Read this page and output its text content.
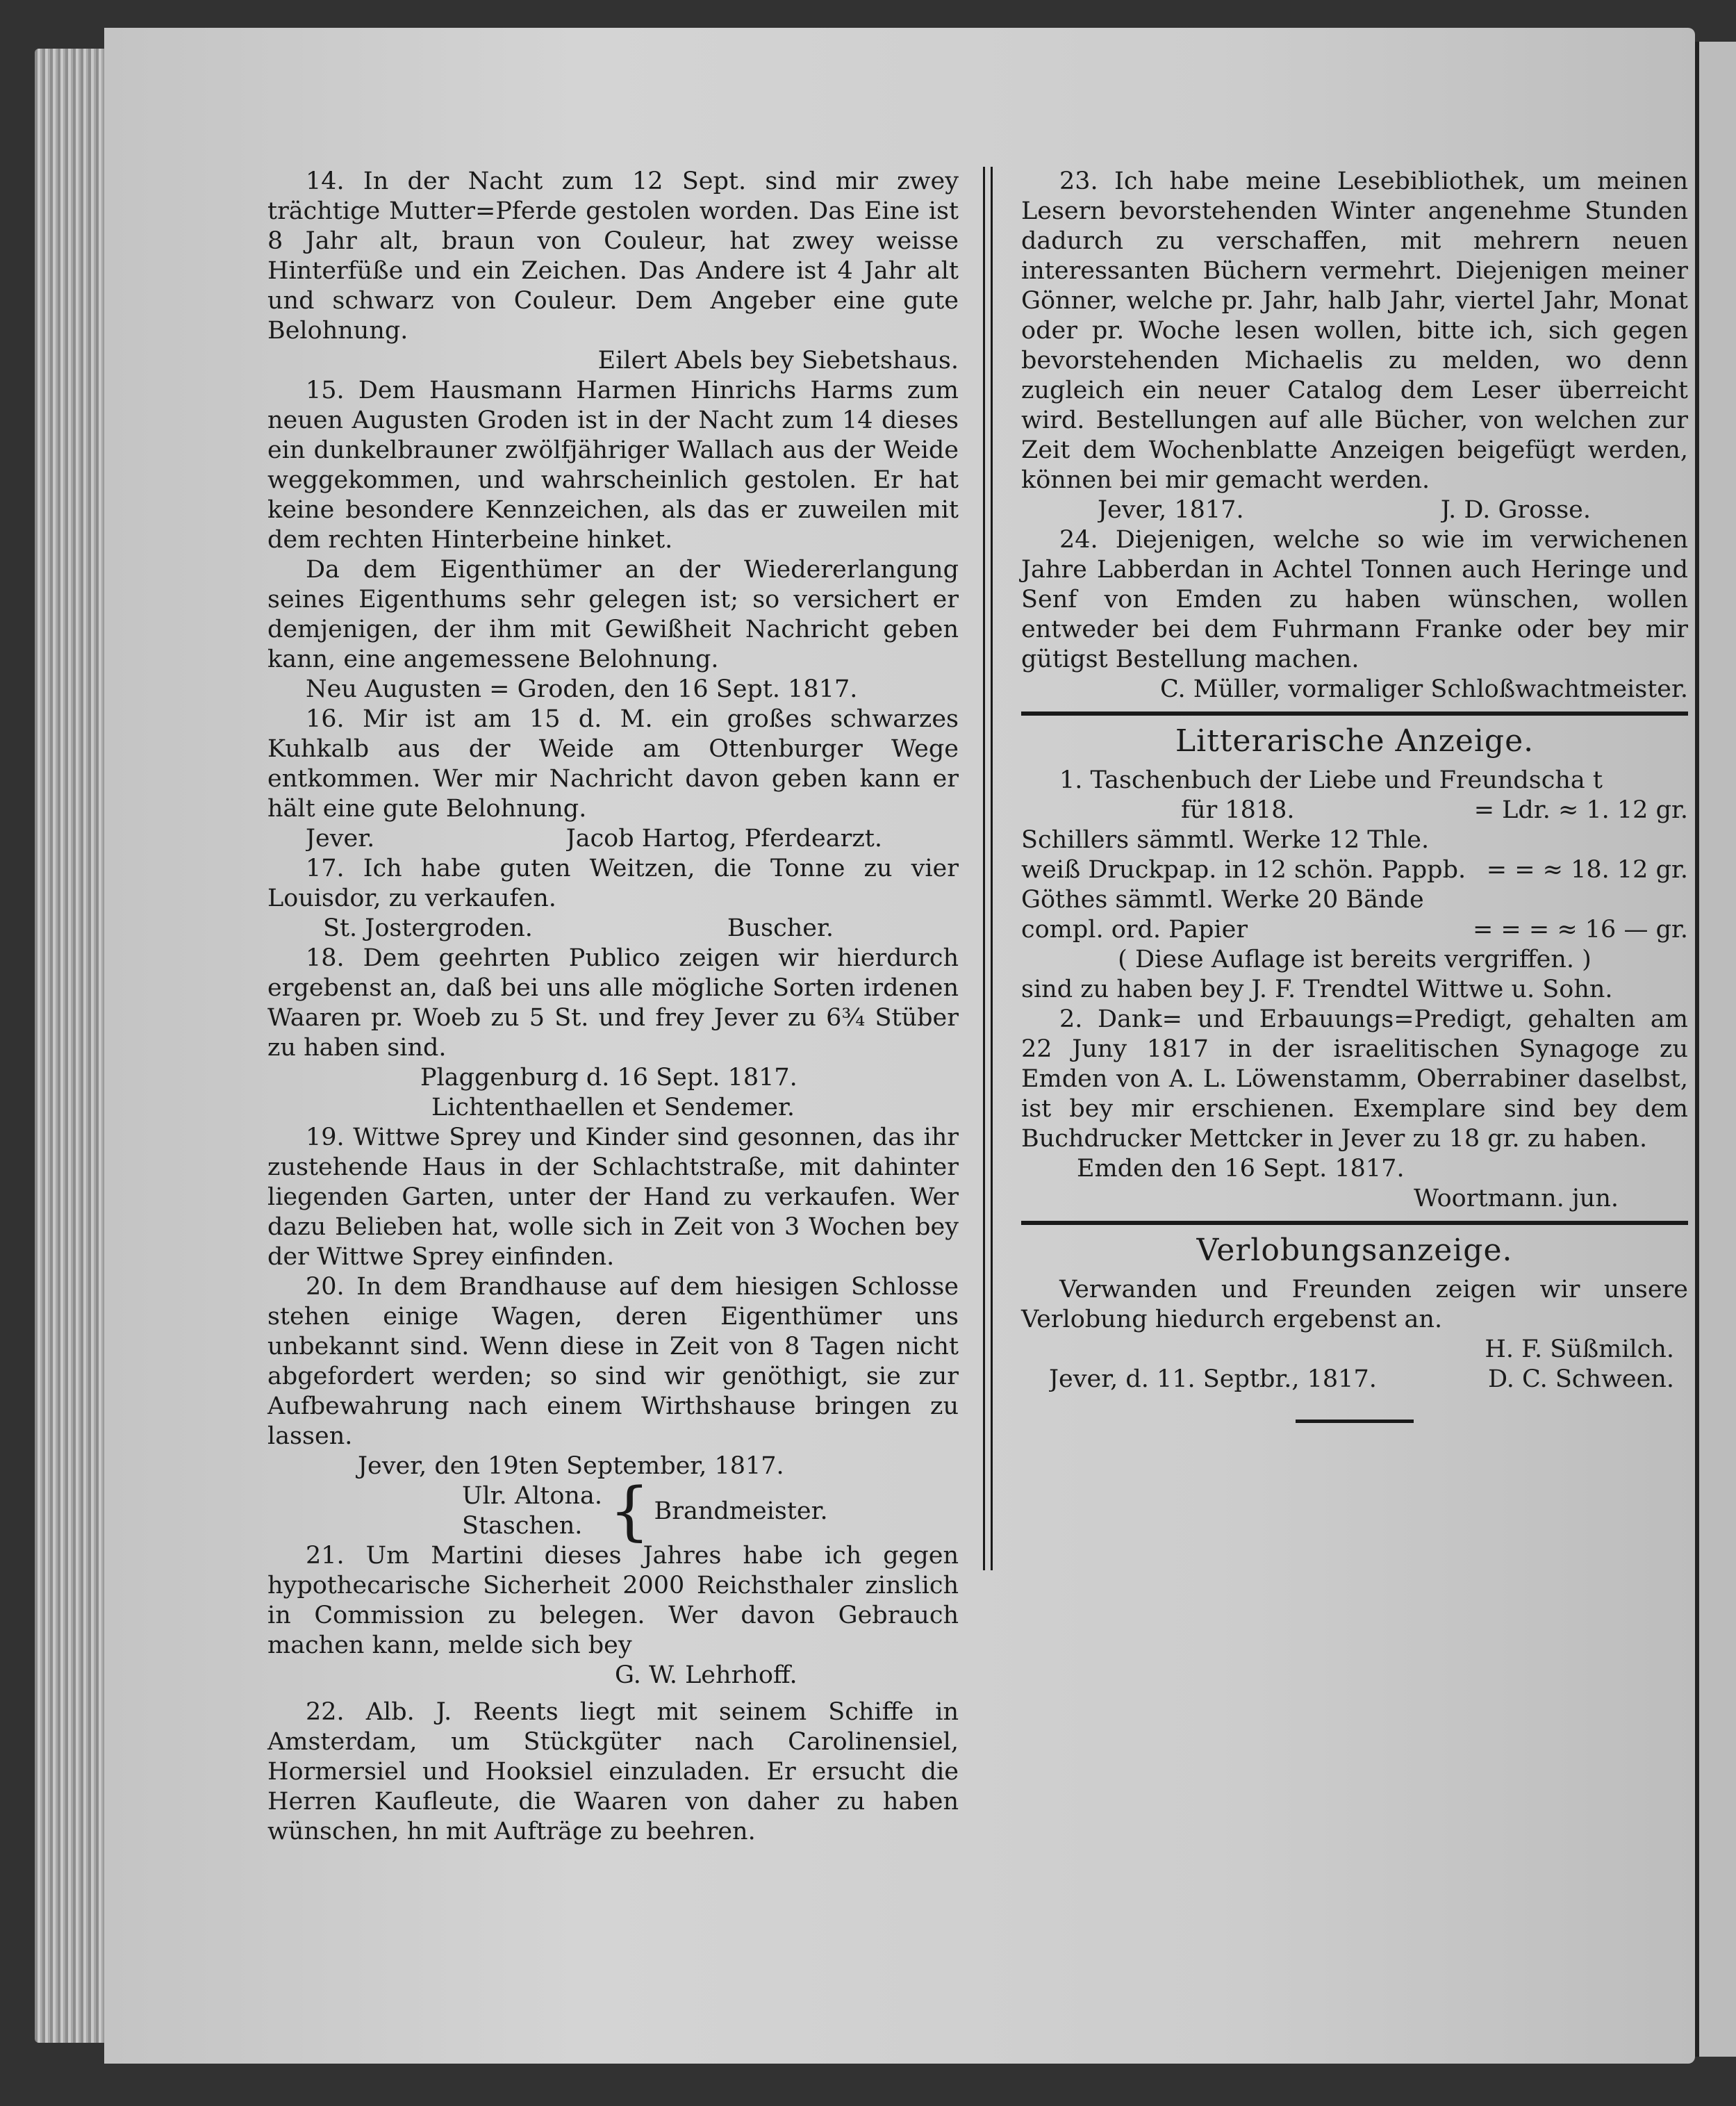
14. In der Nacht zum 12 Sept. sind mir zwey trächtige Mutter=Pferde gestolen worden. Das Eine ist 8 Jahr alt, braun von Couleur, hat zwey weisse Hinterfüße und ein Zeichen. Das Andere ist 4 Jahr alt und schwarz von Couleur. Dem Angeber eine gute Belohnung.

Eilert Abels bey Siebetshaus.

15. Dem Hausmann Harmen Hinrichs Harms zum neuen Augusten Groden ist in der Nacht zum 14 dieses ein dunkelbrauner zwölfjähriger Wallach aus der Weide weggekommen, und wahrscheinlich gestolen. Er hat keine besondere Kennzeichen, als das er zuweilen mit dem rechten Hinterbeine hinket.

Da dem Eigenthümer an der Wiedererlangung seines Eigenthums sehr gelegen ist; so versichert er demjenigen, der ihm mit Gewißheit Nachricht geben kann, eine angemessene Belohnung.

Neu Augusten = Groden, den 16 Sept. 1817.

16. Mir ist am 15 d. M. ein großes schwarzes Kuhkalb aus der Weide am Ottenburger Wege entkommen. Wer mir Nachricht davon geben kann er hält eine gute Belohnung.

Jever.	Jacob Hartog, Pferdearzt.

17. Ich habe guten Weitzen, die Tonne zu vier Louisdor, zu verkaufen.

St. Jostergroden.	Buscher.

18. Dem geehrten Publico zeigen wir hierdurch ergebenst an, daß bei uns alle mögliche Sorten irdenen Waaren pr. Woeb zu 5 St. und frey Jever zu 6¾ Stüber zu haben sind.

Plaggenburg d. 16 Sept. 1817.

Lichtenthaellen et Sendemer.

19. Wittwe Sprey und Kinder sind gesonnen, das ihr zustehende Haus in der Schlachtstraße, mit dahinter liegenden Garten, unter der Hand zu verkaufen. Wer dazu Belieben hat, wolle sich in Zeit von 3 Wochen bey der Wittwe Sprey einfinden.

20. In dem Brandhause auf dem hiesigen Schlosse stehen einige Wagen, deren Eigenthümer uns unbekannt sind. Wenn diese in Zeit von 8 Tagen nicht abgefordert werden; so sind wir genöthigt, sie zur Aufbewahrung nach einem Wirthshause bringen zu lassen.

Jever, den 19ten September, 1817.

Ulr. Altona.
Staschen. { Brandmeister.

21. Um Martini dieses Jahres habe ich gegen hypothecarische Sicherheit 2000 Reichsthaler zinslich in Commission zu belegen. Wer davon Gebrauch machen kann, melde sich bey

G. W. Lehrhoff.

22. Alb. J. Reents liegt mit seinem Schiffe in Amsterdam, um Stückgüter nach Carolinensiel, Hormersiel und Hooksiel einzuladen. Er ersucht die Herren Kaufleute, die Waaren von daher zu haben wünschen, hn mit Aufträge zu beehren.

23. Ich habe meine Lesebibliothek, um meinen Lesern bevorstehenden Winter angenehme Stunden dadurch zu verschaffen, mit mehrern neuen interessanten Büchern vermehrt. Diejenigen meiner Gönner, welche pr. Jahr, halb Jahr, viertel Jahr, Monat oder pr. Woche lesen wollen, bitte ich, sich gegen bevorstehenden Michaelis zu melden, wo denn zugleich ein neuer Catalog dem Leser überreicht wird. Bestellungen auf alle Bücher, von welchen zur Zeit dem Wochenblatte Anzeigen beigefügt werden, können bei mir gemacht werden.

Jever, 1817.	J. D. Grosse.

24. Diejenigen, welche so wie im verwichenen Jahre Labberdan in Achtel Tonnen auch Heringe und Senf von Emden zu haben wünschen, wollen entweder bei dem Fuhrmann Franke oder bey mir gütigst Bestellung machen.

C. Müller, vormaliger Schloßwachtmeister.

Litterarische Anzeige.

1. Taschenbuch der Liebe und Freundscha t

für 1818.	= Ldr. ≈ 1. 12 gr.

Schillers sämmtl. Werke 12 Thle.

weiß Druckpap. in 12 schön. Pappb. = = ≈ 18. 12 gr.

Göthes sämmtl. Werke 20 Bände

compl. ord. Papier	= = = ≈ 16 — gr.

( Diese Auflage ist bereits vergriffen. )

sind zu haben bey J. F. Trendtel Wittwe u. Sohn.

2. Dank= und Erbauungs=Predigt, gehalten am 22 Juny 1817 in der israelitischen Synagoge zu Emden von A. L. Löwenstamm, Oberrabiner daselbst, ist bey mir erschienen. Exemplare sind bey dem Buchdrucker Mettcker in Jever zu 18 gr. zu haben.

Emden den 16 Sept. 1817.

Woortmann. jun.

Verlobungsanzeige.

Verwanden und Freunden zeigen wir unsere Verlobung hiedurch ergebenst an.

H. F. Süßmilch.

Jever, d. 11. Septbr., 1817.	D. C. Schween.
